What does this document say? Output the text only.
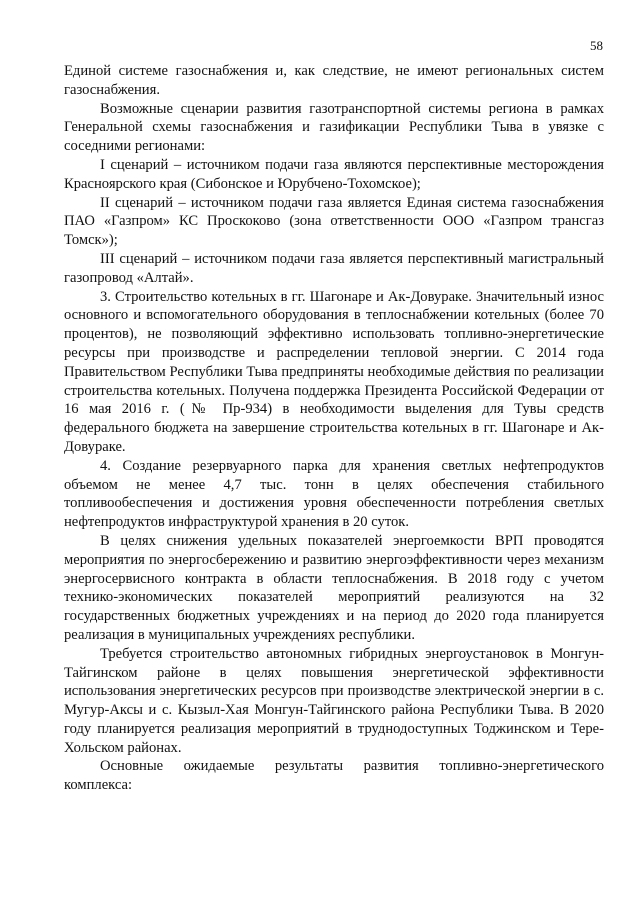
58

Единой системе газоснабжения и, как следствие, не имеют региональных систем газоснабжения.

Возможные сценарии развития газотранспортной системы региона в рамках Генеральной схемы газоснабжения и газификации Республики Тыва в увязке с соседними регионами:

I сценарий – источником подачи газа являются перспективные месторождения Красноярского края (Сибонское и Юрубчено-Тохомское);

II сценарий – источником подачи газа является Единая система газоснабжения ПАО «Газпром» КС Проскоково (зона ответственности ООО «Газпром трансгаз Томск»);

III сценарий – источником подачи газа является перспективный магистральный газопровод «Алтай».

3. Строительство котельных в гг. Шагонаре и Ак-Довураке. Значительный износ основного и вспомогательного оборудования в теплоснабжении котельных (более 70 процентов), не позволяющий эффективно использовать топливно-энергетические ресурсы при производстве и распределении тепловой энергии. С 2014 года Правительством Республики Тыва предприняты необходимые действия по реализации строительства котельных. Получена поддержка Президента Российской Федерации от 16 мая 2016 г. (№ Пр-934) в необходимости выделения для Тувы средств федерального бюджета на завершение строительства котельных в гг. Шагонаре и Ак-Довураке.

4. Создание резервуарного парка для хранения светлых нефтепродуктов объемом не менее 4,7 тыс. тонн в целях обеспечения стабильного топливообеспечения и достижения уровня обеспеченности потребления светлых нефтепродуктов инфраструктурой хранения в 20 суток.

В целях снижения удельных показателей энергоемкости ВРП проводятся мероприятия по энергосбережению и развитию энергоэффективности через механизм энергосервисного контракта в области теплоснабжения. В 2018 году с учетом технико-экономических показателей мероприятий реализуются на 32 государственных бюджетных учреждениях и на период до 2020 года планируется реализация в муниципальных учреждениях республики.

Требуется строительство автономных гибридных энергоустановок в Монгун-Тайгинском районе в целях повышения энергетической эффективности использования энергетических ресурсов при производстве электрической энергии в с. Мугур-Аксы и с. Кызыл-Хая Монгун-Тайгинского района Республики Тыва. В 2020 году планируется реализация мероприятий в труднодоступных Тоджинском и Тере-Хольском районах.

Основные ожидаемые результаты развития топливно-энергетического комплекса:
